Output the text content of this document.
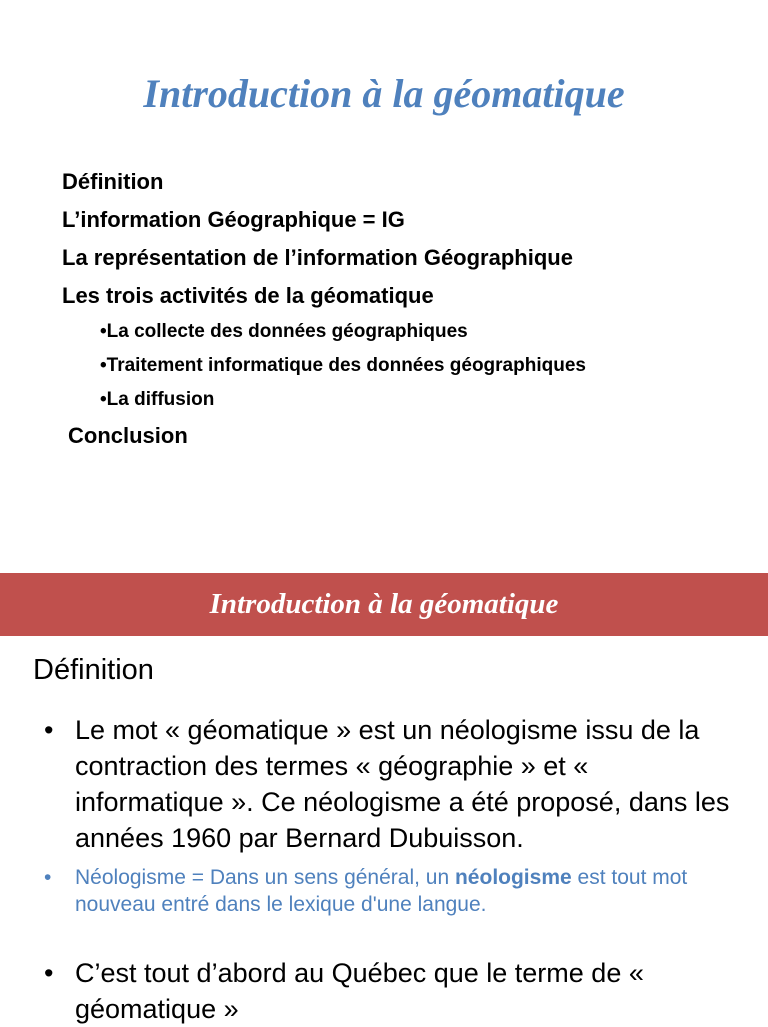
Introduction à la géomatique
Définition
L’information Géographique = IG
La représentation de l’information Géographique
Les trois activités de la géomatique
• La collecte des données géographiques
• Traitement informatique des données géographiques
• La diffusion
Conclusion
Introduction à la géomatique
Définition
• Le mot « géomatique » est un néologisme issu de la contraction des termes « géographie » et « informatique ». Ce néologisme a été proposé, dans les années 1960 par Bernard Dubuisson.
• Néologisme = Dans un sens général, un néologisme est tout mot nouveau entré dans le lexique d'une langue.
• C’est tout d’abord au Québec que le terme de « géomatique »
